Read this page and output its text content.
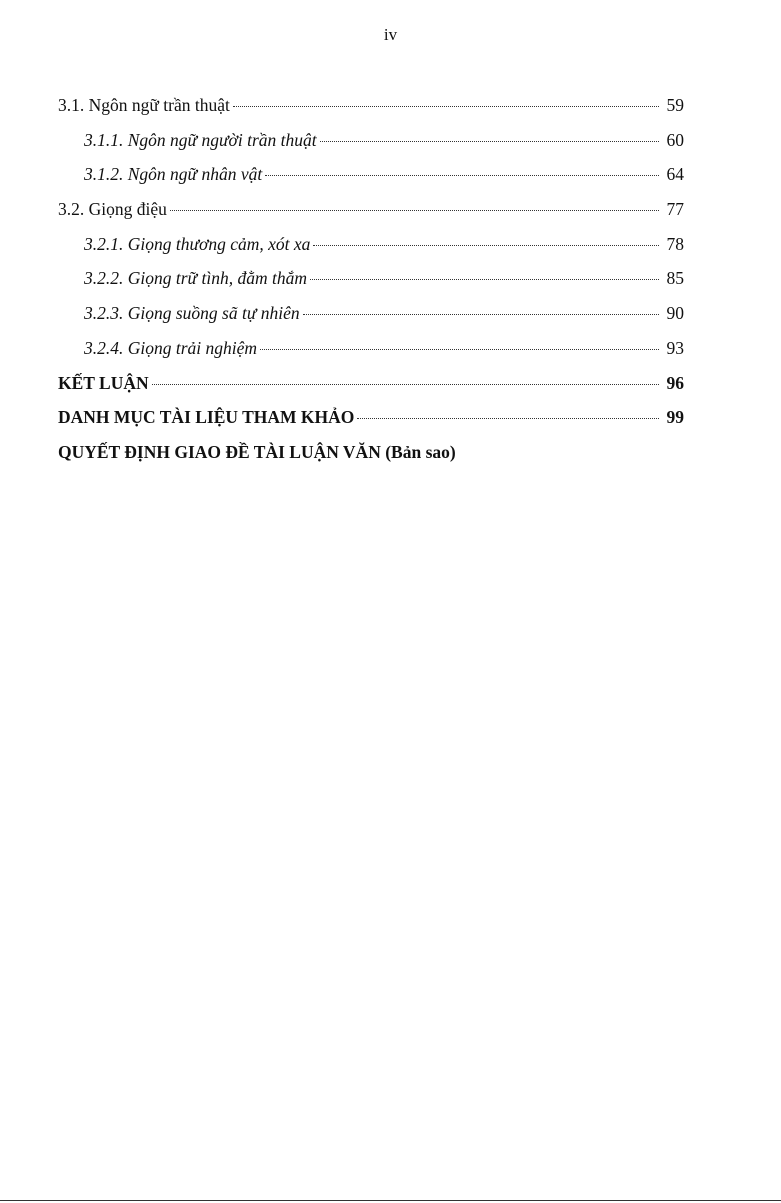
iv
3.1. Ngôn ngữ trần thuật	59
3.1.1. Ngôn ngữ người trần thuật	60
3.1.2. Ngôn ngữ nhân vật	64
3.2. Giọng điệu	77
3.2.1. Giọng thương cảm, xót xa	78
3.2.2. Giọng trữ tình, đằm thắm	85
3.2.3. Giọng suồng sã tự nhiên	90
3.2.4. Giọng trải nghiệm	93
KẾT LUẬN	96
DANH MỤC TÀI LIỆU THAM KHẢO	99
QUYẾT ĐỊNH GIAO ĐỀ TÀI LUẬN VĂN (Bản sao)
